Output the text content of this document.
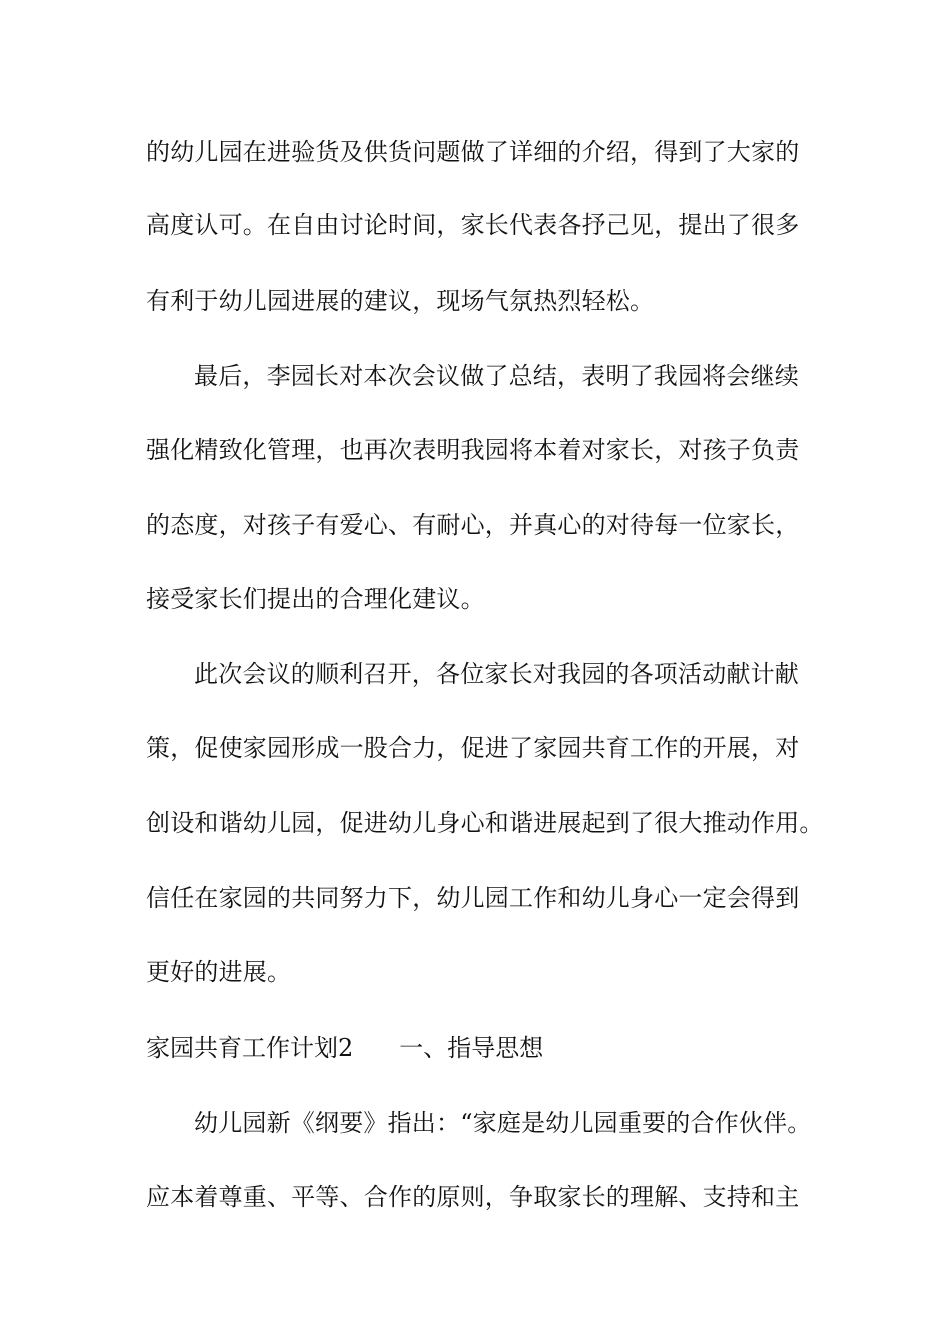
的幼儿园在进验货及供货问题做了详细的介绍，得到了大家的
高度认可。在自由讨论时间，家长代表各抒己见，提出了很多
有利于幼儿园进展的建议，现场气氛热烈轻松。
最后，李园长对本次会议做了总结，表明了我园将会继续
强化精致化管理，也再次表明我园将本着对家长，对孩子负责
的态度，对孩子有爱心、有耐心，并真心的对待每一位家长，
接受家长们提出的合理化建议。
此次会议的顺利召开，各位家长对我园的各项活动献计献
策，促使家园形成一股合力，促进了家园共育工作的开展，对
创设和谐幼儿园，促进幼儿身心和谐进展起到了很大推动作用。
信任在家园的共同努力下，幼儿园工作和幼儿身心一定会得到
更好的进展。
家园共育工作计划2 一、指导思想
幼儿园新《纲要》指出：“家庭是幼儿园重要的合作伙伴。
应本着尊重、平等、合作的原则，争取家长的理解、支持和主
